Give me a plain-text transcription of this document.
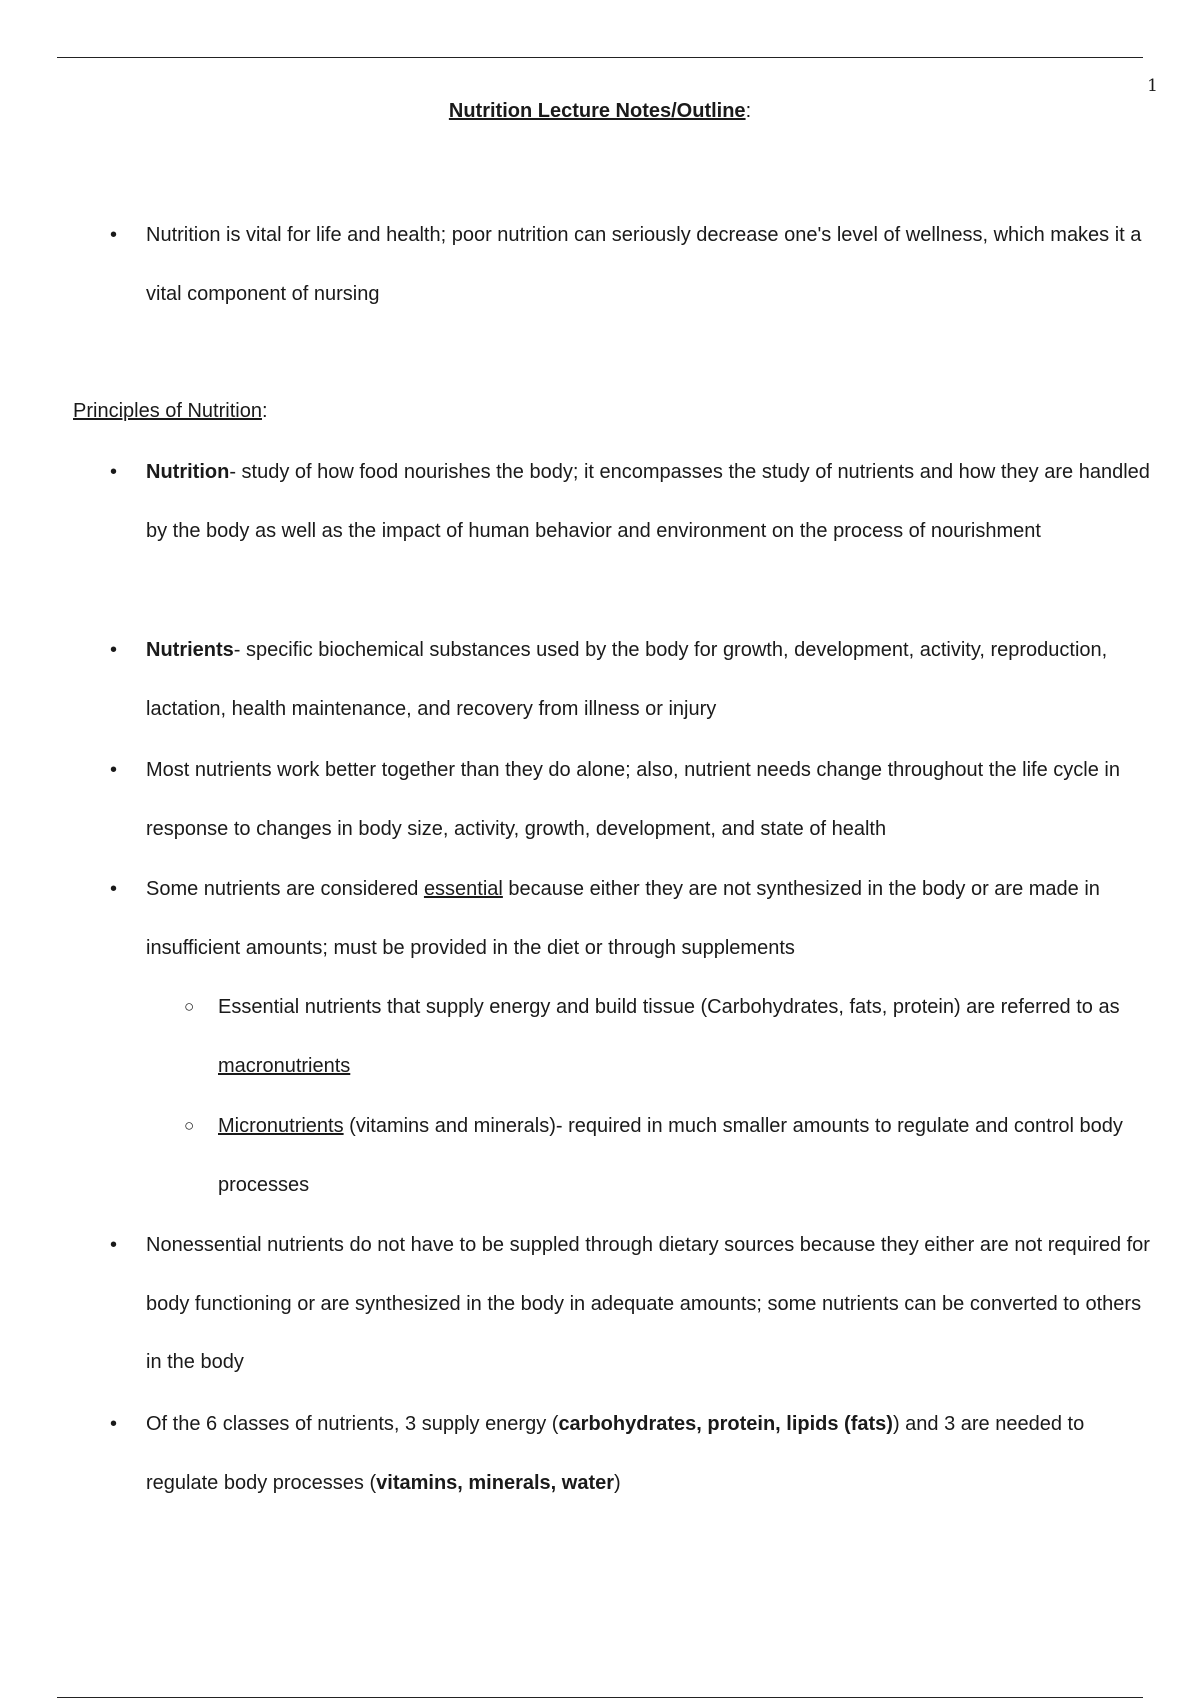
1
Nutrition Lecture Notes/Outline:
• Nutrition is vital for life and health; poor nutrition can seriously decrease one's level of wellness, which makes it a vital component of nursing
Principles of Nutrition:
• Nutrition- study of how food nourishes the body; it encompasses the study of nutrients and how they are handled by the body as well as the impact of human behavior and environment on the process of nourishment
• Nutrients- specific biochemical substances used by the body for growth, development, activity, reproduction, lactation, health maintenance, and recovery from illness or injury
• Most nutrients work better together than they do alone; also, nutrient needs change throughout the life cycle in response to changes in body size, activity, growth, development, and state of health
• Some nutrients are considered essential because either they are not synthesized in the body or are made in insufficient amounts; must be provided in the diet or through supplements
○ Essential nutrients that supply energy and build tissue (Carbohydrates, fats, protein) are referred to as macronutrients
○ Micronutrients (vitamins and minerals)- required in much smaller amounts to regulate and control body processes
• Nonessential nutrients do not have to be suppled through dietary sources because they either are not required for body functioning or are synthesized in the body in adequate amounts; some nutrients can be converted to others in the body
• Of the 6 classes of nutrients, 3 supply energy (carbohydrates, protein, lipids (fats)) and 3 are needed to regulate body processes (vitamins, minerals, water)
